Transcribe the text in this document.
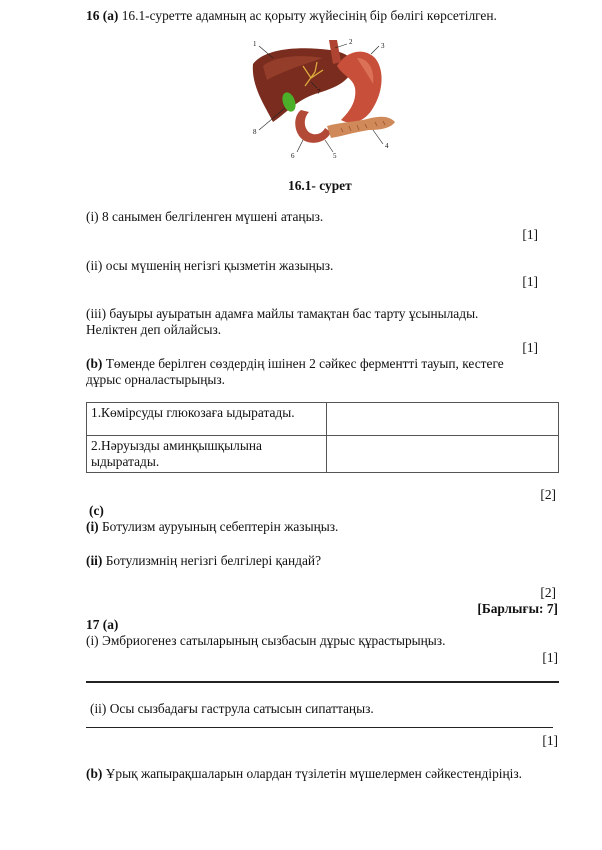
16 (a) 16.1-суретте адамның ас қорыту жүйесінің бір бөлігі көрсетілген.
1	2	3
4
5
6
7
8
16.1- сурет
(i) 8 санымен белгіленген мүшені атаңыз.
[1]
(ii) осы мүшенің негізгі қызметін жазыңыз.
[1]
(iii) бауыры ауыратын адамға майлы тамақтан бас тарту ұсынылады.
Неліктен деп ойлайсыз.
[1]
(b) Төменде берілген сөздердің ішінен 2 сәйкес ферментті тауып, кестеге
дұрыс орналастырыңыз.
1.Көмірсуды глюкозаға ыдыратады.	
2.Нәруызды аминқышқылына
ыдыратады.	
[2]
(c)
(i) Ботулизм ауруының себептерін жазыңыз.
(ii) Ботулизмнің негізгі белгілері қандай?
[2]
[Барлығы: 7]
17 (a)
(i) Эмбриогенез сатыларының сызбасын дұрыс құрастырыңыз.
[1]
(ii) Осы сызбадағы гаструла сатысын сипаттаңыз.
[1]
(b) Ұрық жапырақшаларын олардан түзілетін мүшелермен сәйкестендіріңіз.
